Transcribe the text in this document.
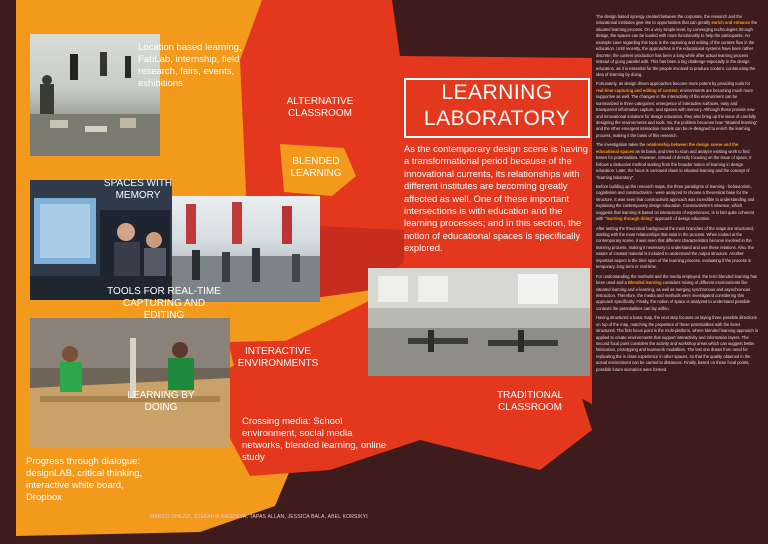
LEARNING LABORATORY
As the contemporary design scene is having a transformational period because of the innovational currents, its relationships with different institutes are becoming greatly affected as well. One of these important intersections is with education and the learning processes; and in this section, the notion of educational spaces is specifically explored.
ALTERNATIVE CLASSROOM
BLENDED LEARNING
SPACES WITH MEMORY
TOOLS FOR REAL-TIME CAPTURING AND EDITING
INTERACTIVE ENVIRONMENTS
LEARNING BY DOING
TRADITIONAL CLASSROOM
Location based learning, FabLab, internship, field research, fairs, events, exhibitions
Crossing media: School environment, social media networks, blended learning, online study
Progress through dialogue: designLAB, critical thinking, interactive white board, Dropbox
MARCO GHEZZI, STEFANIA NAGDEVA, TAPAS ALLAN, JESSICA BALA, ABEL KORSIKYI

The design based synergy created between the corporate, the research and the educational institutes give rise to opportunities that can greatly enrich and enhance the situated learning process. On a very simple level, by converging technologies through design, the spaces can be loaded with more functionality to help the participants. An example case regarding this topic is the capturing and editing of the content flow in the education. Until recently, the approaches in the educational systems have been rather discrete; the content production has been a long while after actual learning process instead of going parallel with. This has been a big challenge especially in the design education, as it is essential for the people involved to produce content, constructing the idea of learning by doing.

Fortunately, as design driven approaches become more potent by providing tools for real-time capturing and editing of content, environments are becoming much more supportive as well. The changes in the interactivity of the environment can be summarized in three categories: emergence of interactive surfaces, easy and transparent information capture, and spaces with memory. Although these provide new and innovational solutions for design education, they also bring up the issue of carefully designing the environments and tools. So, the problem becomes how "situated learning" and the other emergent interaction models can be re-designed to enrich the learning process, making it the basis of this research.

The investigation takes the relationship between the design scene and the educational spaces as its basis, and tries to scan and analyze existing work to find bases for potentialities. However, instead of directly focusing on the issue of space, it follows a deductive method starting from the broader notion of learning in design education. Later, the focus is narrowed down to situated learning and the concept of "learning laboratory".

Before building up the research maps, the three paradigms of learning - behaviorism, cognitivism and constructivism - were analyzed to choose a theoretical base for the structure. It was seen that constructivist approach was incredible to understanding and explaining the contemporary design education. Constructivism's essence, which suggests that learning is based on interactions of experiences, is in fact quite coherent with "learning through doing" approach of design education.

After setting the theoretical background the main branches of the maps are structured, starting with the most relationships that exist in the process. When looked at the contemporary scene, it was seen that different characteristics become involved in the learning process, making it necessary to understand and use these relations. Also, the nature of created material is included to understand the output structure. Another important aspect is the time span of the learning process, evaluating if the process is temporary, long term or real-time.

For understanding the methods and the media employed, the term blended learning has been used and a Blended learning considers mixing of different environments like situated learning and e-learning, as well as merging synchronous and asynchronous instruction. Therefore, the media and methods were investigated considering this approach specifically. Finally, the notion of space is analyzed to understand possible contexts the potentialities can lay within.

Having structured a basic map, the next step focuses on laying three possible directions on top of the map, matching the properties of these potentialities with the items structured. The first focus point is the multi-platform, where blended learning approach is applied to create environments that support interactivity and information layers. The second focal point considers the activity and workshop areas which can suggest better fabrication, prototyping and teamwork modalities. The last one draws from need for replicating the in class experience in other spaces, so that the quality obtained in the actual environment can be carried to distances. Finally, based on these focal points, possible future scenarios were formed.
